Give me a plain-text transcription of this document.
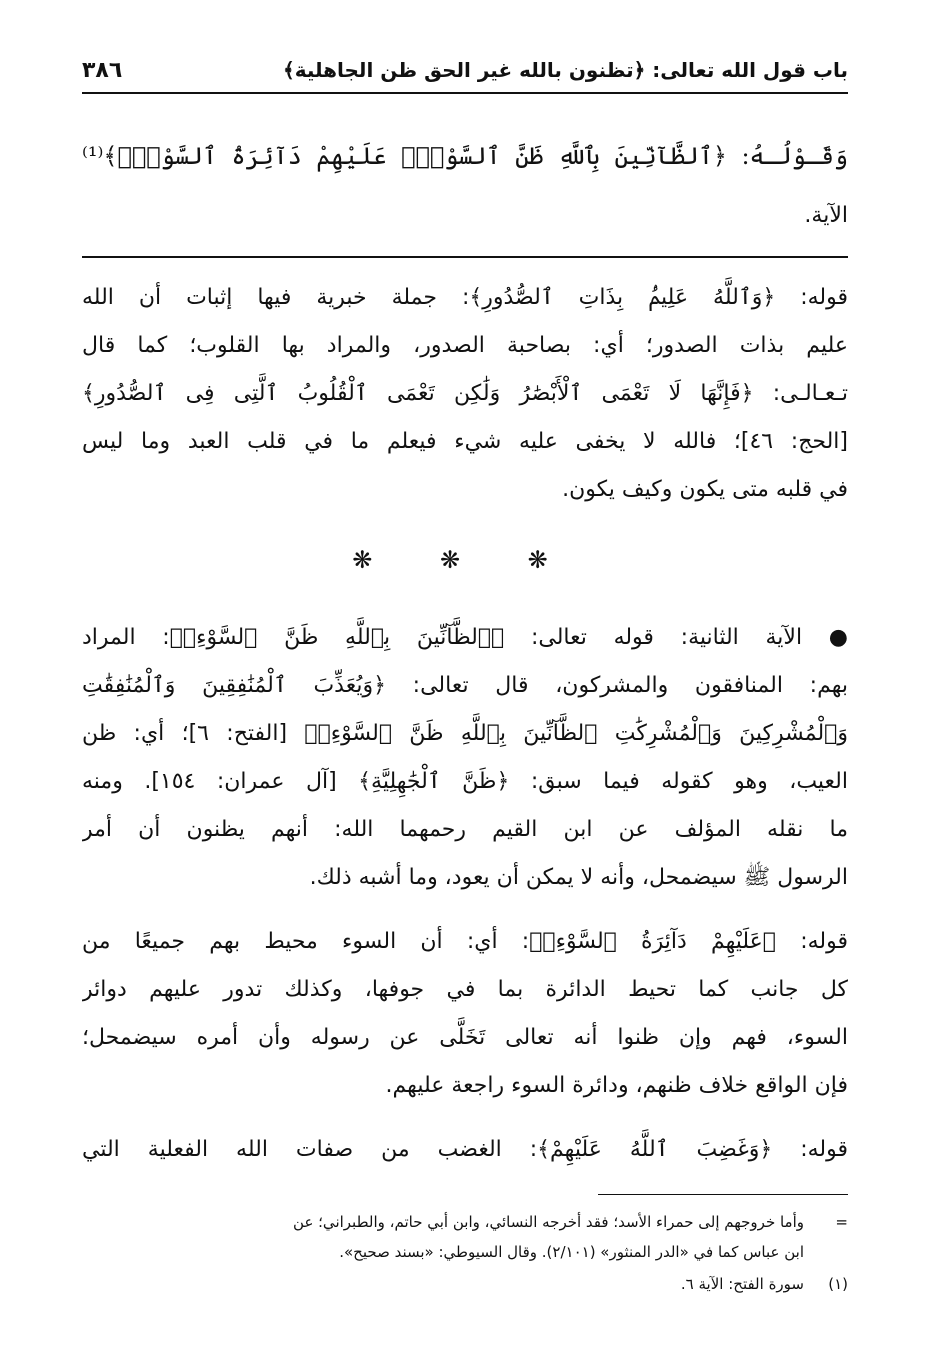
باب قول الله تعالى: ﴿تظنون بالله غير الحق ظن الجاهلية﴾
٣٨٦
وَقَـوْلُـهُ: ﴿ٱلظَّآنِّينَ بِٱللَّهِ ظَنَّ ٱلسَّوْءِۚ عَلَيْهِمْ دَآئِرَةُ ٱلسَّوْءِۖ﴾⁽¹⁾
الآية.
قوله: ﴿وَٱللَّهُ عَلِيمُۢ بِذَاتِ ٱلصُّدُورِ﴾: جملة خبرية فيها إثبات أن الله
عليم بذات الصدور؛ أي: بصاحبة الصدور، والمراد بها القلوب؛ كما قال
تـعـالـى: ﴿فَإِنَّهَا لَا تَعْمَى ٱلْأَبْصَٰرُ وَلَٰكِن تَعْمَى ٱلْقُلُوبُ ٱلَّتِى فِى ٱلصُّدُورِ﴾
[الحج: ٤٦]؛ فالله لا يخفى عليه شيء فيعلم ما في قلب العبد وما ليس
في قلبه متى يكون وكيف يكون.
❋ ❋ ❋
● الآية الثانية: قوله تعالى: ﴿ٱلظَّآنِّينَ بِٱللَّهِ ظَنَّ ٱلسَّوْءِۚ﴾: المراد
بهم: المنافقون والمشركون، قال تعالى: ﴿وَيُعَذِّبَ ٱلْمُنَٰفِقِينَ وَٱلْمُنَٰفِقَٰتِ
وَٱلْمُشْرِكِينَ وَٱلْمُشْرِكَٰتِ ٱلظَّآنِّينَ بِٱللَّهِ ظَنَّ ٱلسَّوْءِۚ﴾ [الفتح: ٦]؛ أي: ظن
العيب، وهو كقوله فيما سبق: ﴿ظَنَّ ٱلْجَٰهِلِيَّةِ﴾ [آل عمران: ١٥٤]. ومنه
ما نقله المؤلف عن ابن القيم رحمهما الله: أنهم يظنون أن أمر
الرسول ﷺ سيضمحل، وأنه لا يمكن أن يعود، وما أشبه ذلك.
قوله: ﴿عَلَيْهِمْ دَآئِرَةُ ٱلسَّوْءِۖ﴾: أي: أن السوء محيط بهم جميعًا من
كل جانب كما تحيط الدائرة بما في جوفها، وكذلك تدور عليهم دوائر
السوء، فهم وإن ظنوا أنه تعالى تَخَلَّى عن رسوله وأن أمره سيضمحل؛
فإن الواقع خلاف ظنهم، ودائرة السوء راجعة عليهم.
قوله: ﴿وَغَضِبَ ٱللَّهُ عَلَيْهِمْ﴾: الغضب من صفات الله الفعلية التي
=وأما خروجهم إلى حمراء الأسد؛ فقد أخرجه النسائي، وابن أبي حاتم، والطبراني؛ عن
ابن عباس كما في «الدر المنثور» (٢/١٠١). وقال السيوطي: «بسند صحيح».
(١)سورة الفتح: الآية ٦.
